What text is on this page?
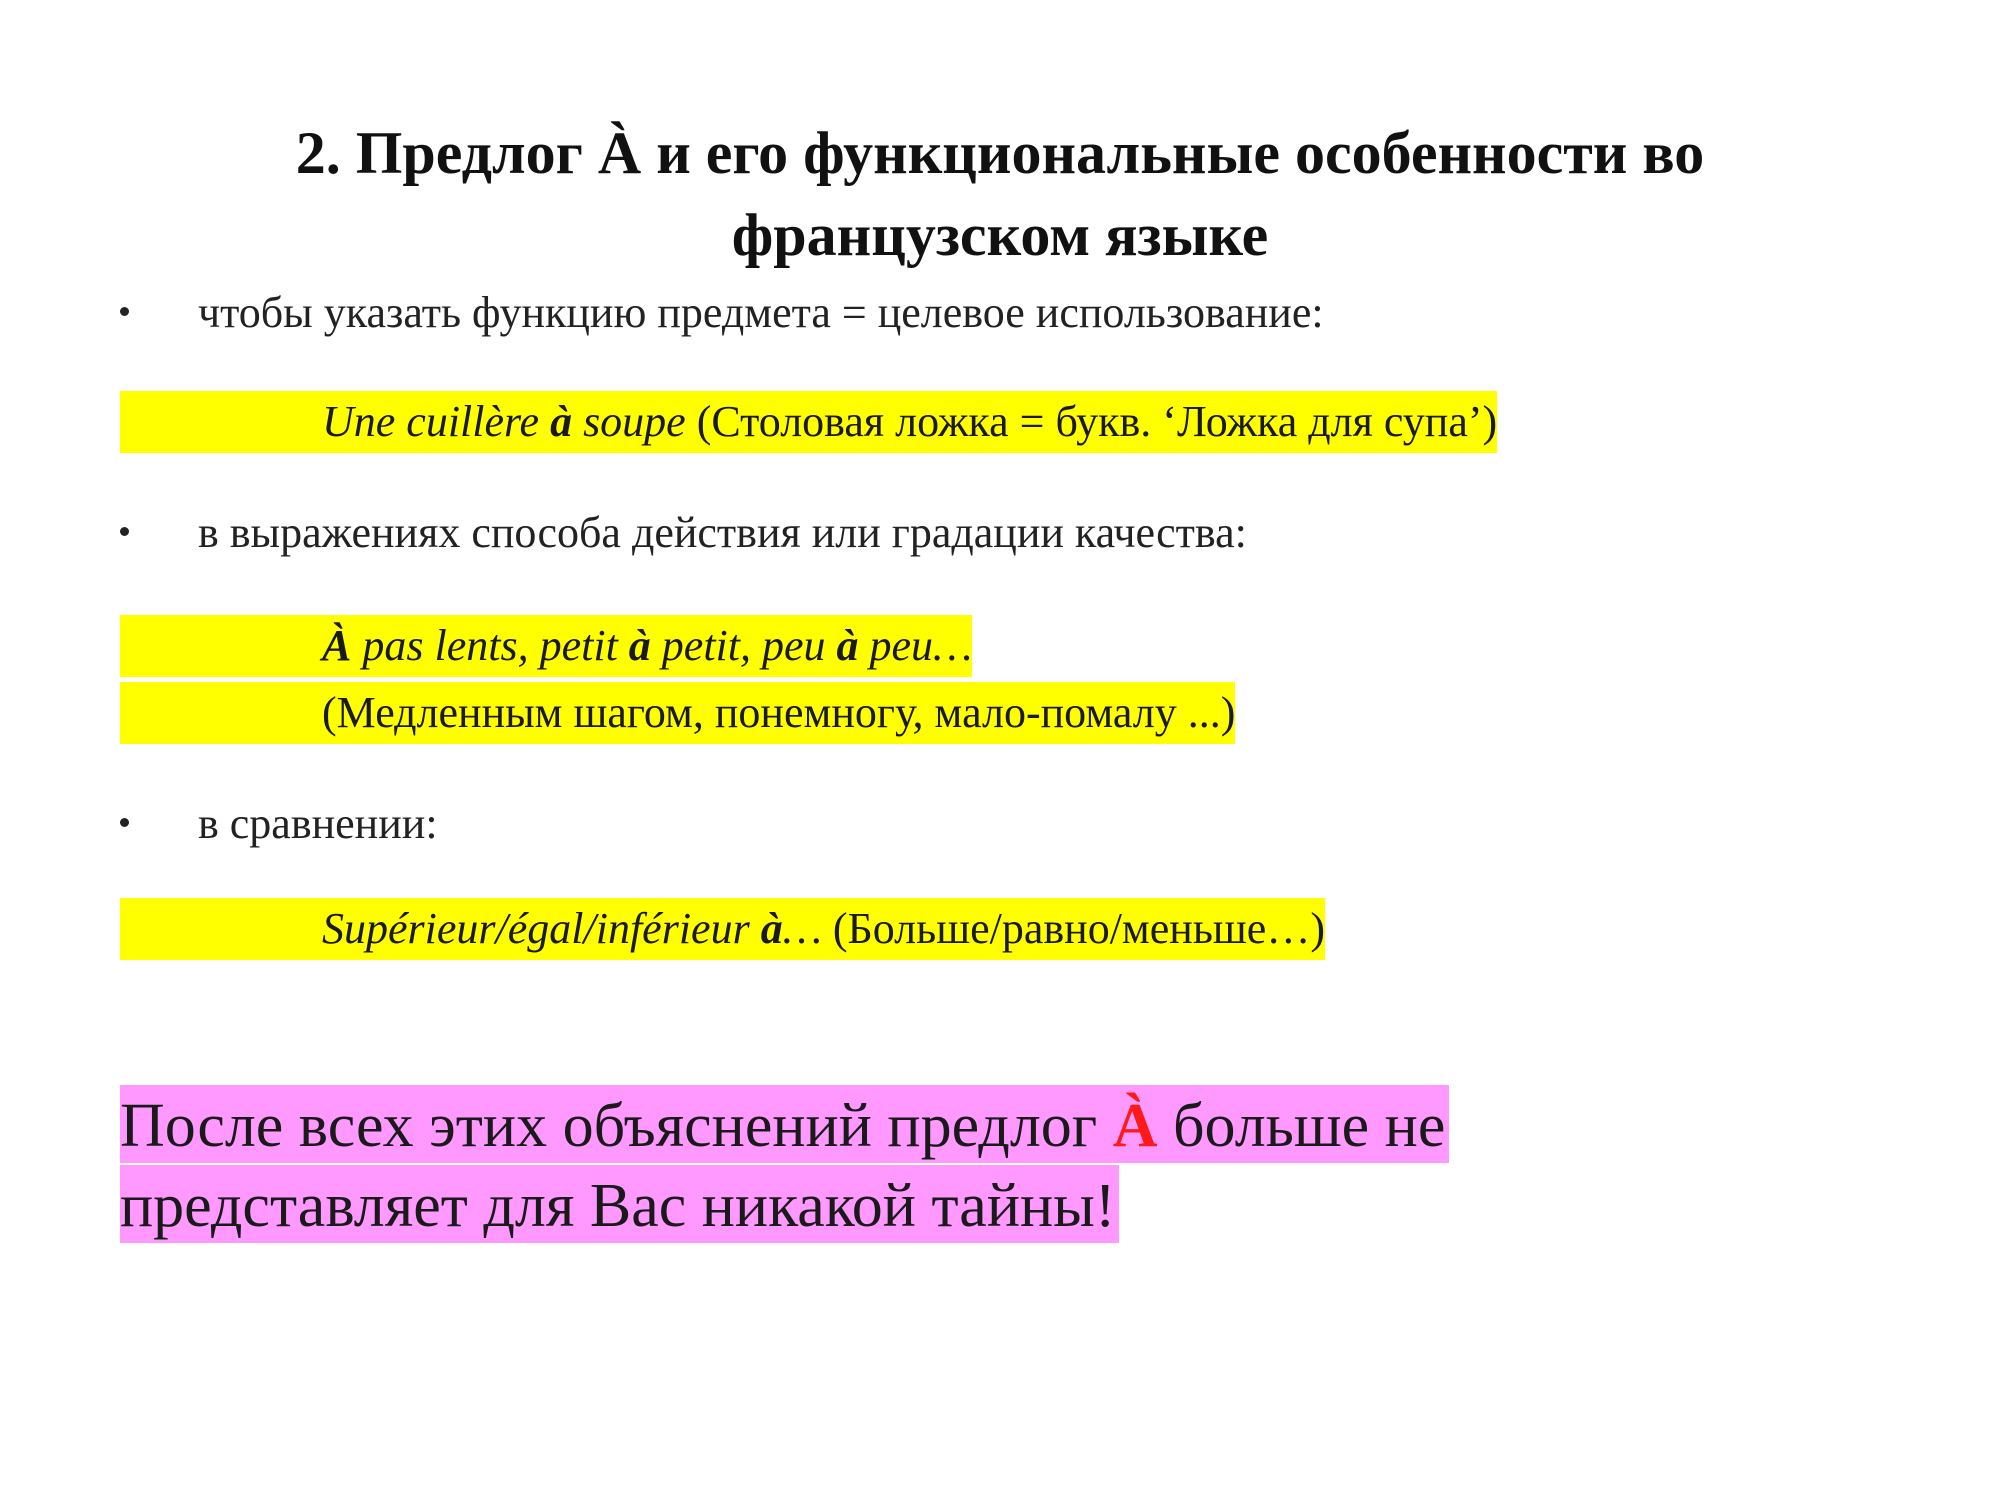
2. Предлог À и его функциональные особенности во
французском языке
чтобы указать функцию предмета = целевое использование:
Une cuillère à soupe (Столовая ложка = букв. ‘Ложка для супа’)
в выражениях способа действия или градации качества:
À pas lents, petit à petit, peu à peu…
(Медленным шагом, понемногу, мало-помалу ...)
в сравнении:
Supérieur/égal/inférieur à… (Больше/равно/меньше…)
После всех этих объяснений предлог À больше не
представляет для Вас никакой тайны!
